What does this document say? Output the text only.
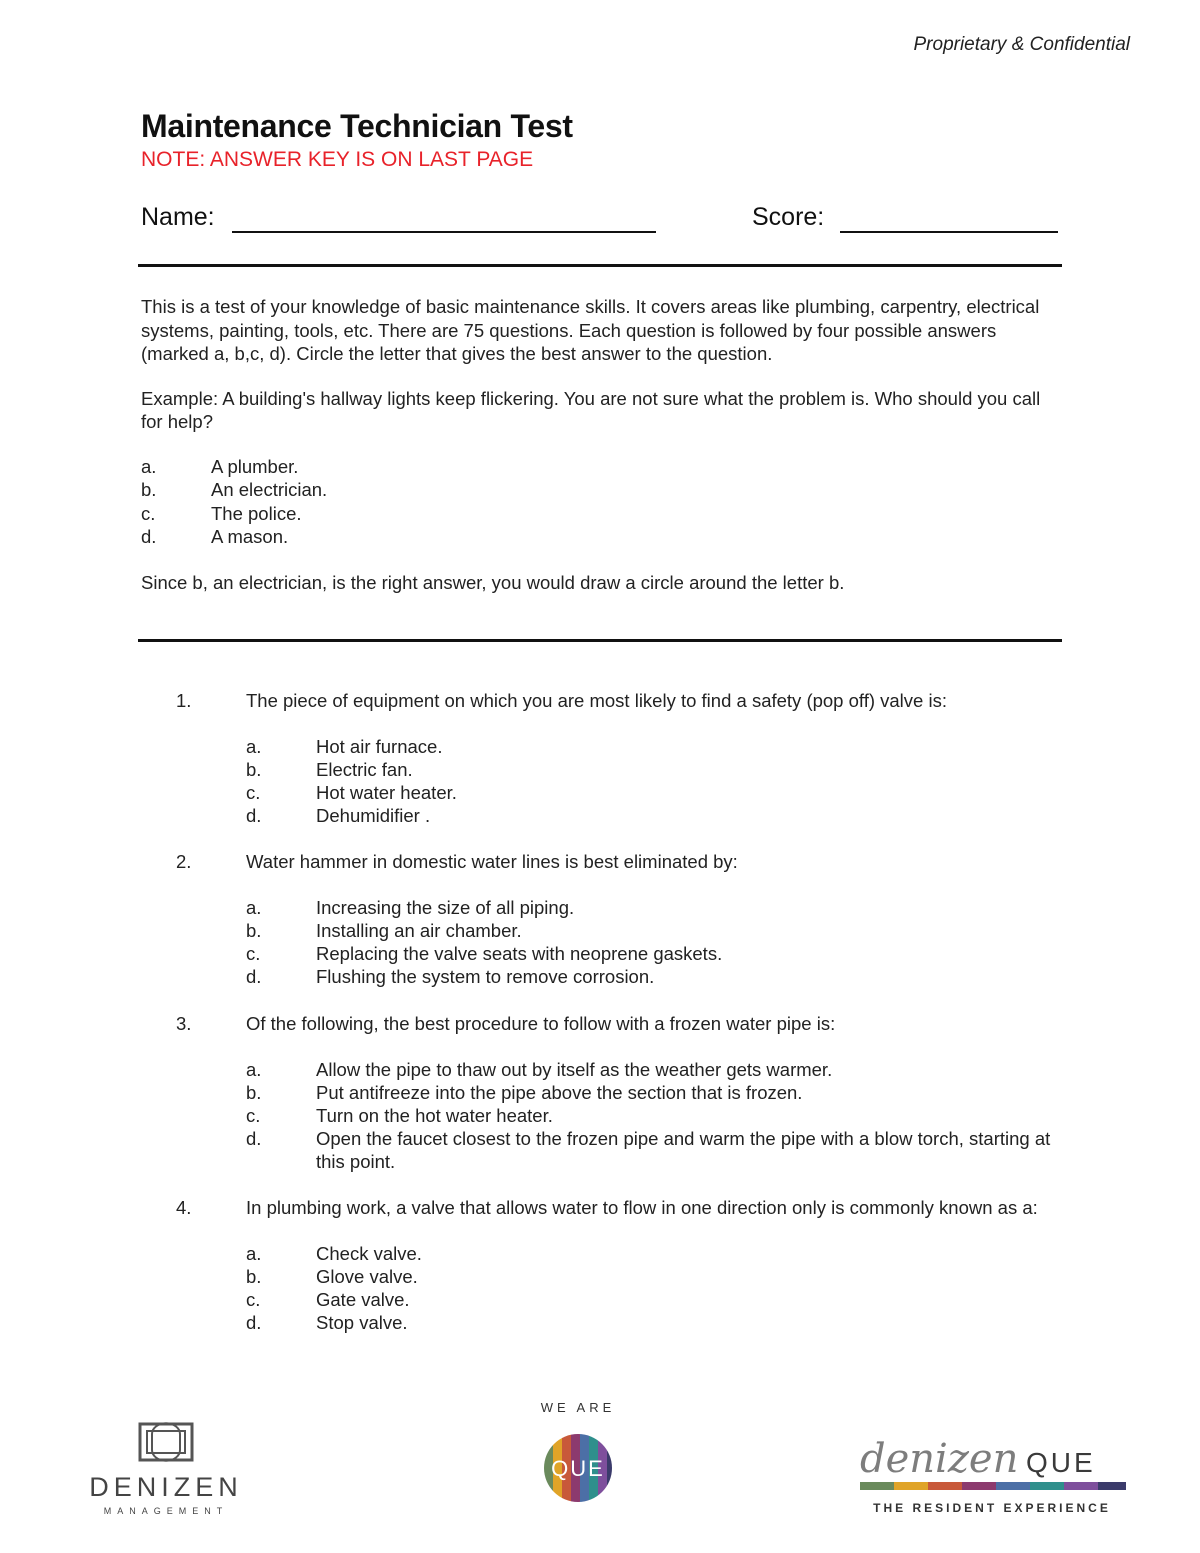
Proprietary & Confidential
Maintenance Technician Test
NOTE: ANSWER KEY IS ON LAST PAGE
Name:	Score:

This is a test of your knowledge of basic maintenance skills. It covers areas like plumbing, carpentry, electrical systems, painting, tools, etc. There are 75 questions. Each question is followed by four possible answers (marked a, b,c, d). Circle the letter that gives the best answer to the question.

Example: A building's hallway lights keep flickering. You are not sure what the problem is. Who should you call for help?

a.	A plumber.
b.	An electrician.
c.	The police.
d.	A mason.

Since b, an electrician, is the right answer, you would draw a circle around the letter b.

1.	The piece of equipment on which you are most likely to find a safety (pop off) valve is:
a.	Hot air furnace.
b.	Electric fan.
c.	Hot water heater.
d.	Dehumidifier .
2.	Water hammer in domestic water lines is best eliminated by:
a.	Increasing the size of all piping.
b.	Installing an air chamber.
c.	Replacing the valve seats with neoprene gaskets.
d.	Flushing the system to remove corrosion.
3.	Of the following, the best procedure to follow with a frozen water pipe is:
a.	Allow the pipe to thaw out by itself as the weather gets warmer.
b.	Put antifreeze into the pipe above the section that is frozen.
c.	Turn on the hot water heater.
d.	Open the faucet closest to the frozen pipe and warm the pipe with a blow torch, starting at this point.
4.	In plumbing work, a valve that allows water to flow in one direction only is commonly known as a:
a.	Check valve.
b.	Glove valve.
c.	Gate valve.
d.	Stop valve.
DENIZEN
MANAGEMENT
WE ARE
QUE	denizen QUE
THE RESIDENT EXPERIENCE
